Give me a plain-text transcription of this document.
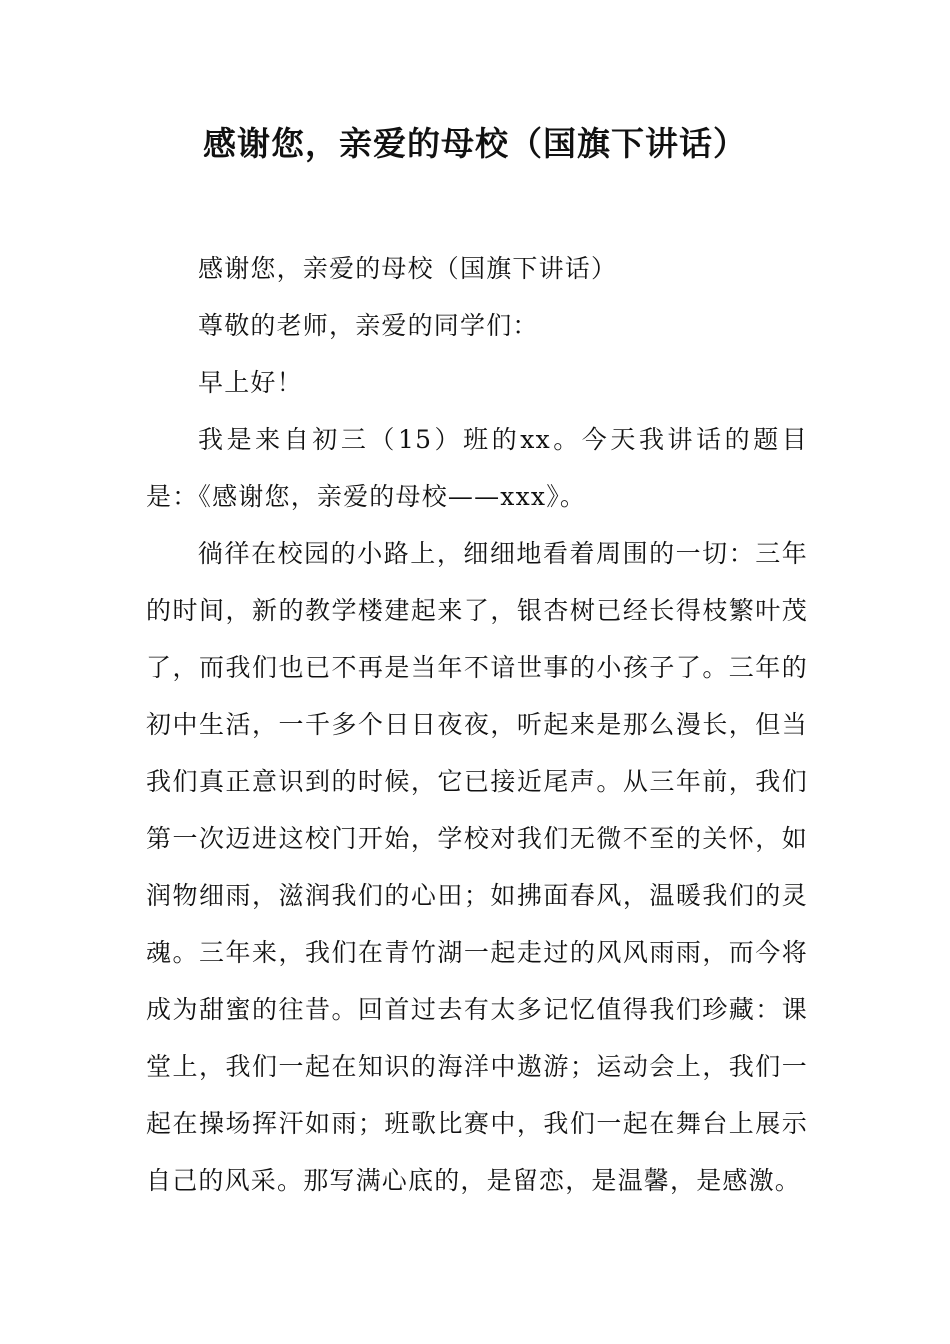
感谢您，亲爱的母校（国旗下讲话）

感谢您，亲爱的母校（国旗下讲话）

尊敬的老师，亲爱的同学们：

早上好！

我是来自初三（15）班的xx。今天我讲话的题目是：《感谢您，亲爱的母校——xxx》。

徜徉在校园的小路上，细细地看着周围的一切：三年的时间，新的教学楼建起来了，银杏树已经长得枝繁叶茂了，而我们也已不再是当年不谙世事的小孩子了。三年的初中生活，一千多个日日夜夜，听起来是那么漫长，但当我们真正意识到的时候，它已接近尾声。从三年前，我们第一次迈进这校门开始，学校对我们无微不至的关怀，如润物细雨，滋润我们的心田；如拂面春风，温暖我们的灵魂。三年来，我们在青竹湖一起走过的风风雨雨，而今将成为甜蜜的往昔。回首过去有太多记忆值得我们珍藏：课堂上，我们一起在知识的海洋中遨游；运动会上，我们一起在操场挥汗如雨；班歌比赛中，我们一起在舞台上展示自己的风采。那写满心底的，是留恋，是温馨，是感激。
